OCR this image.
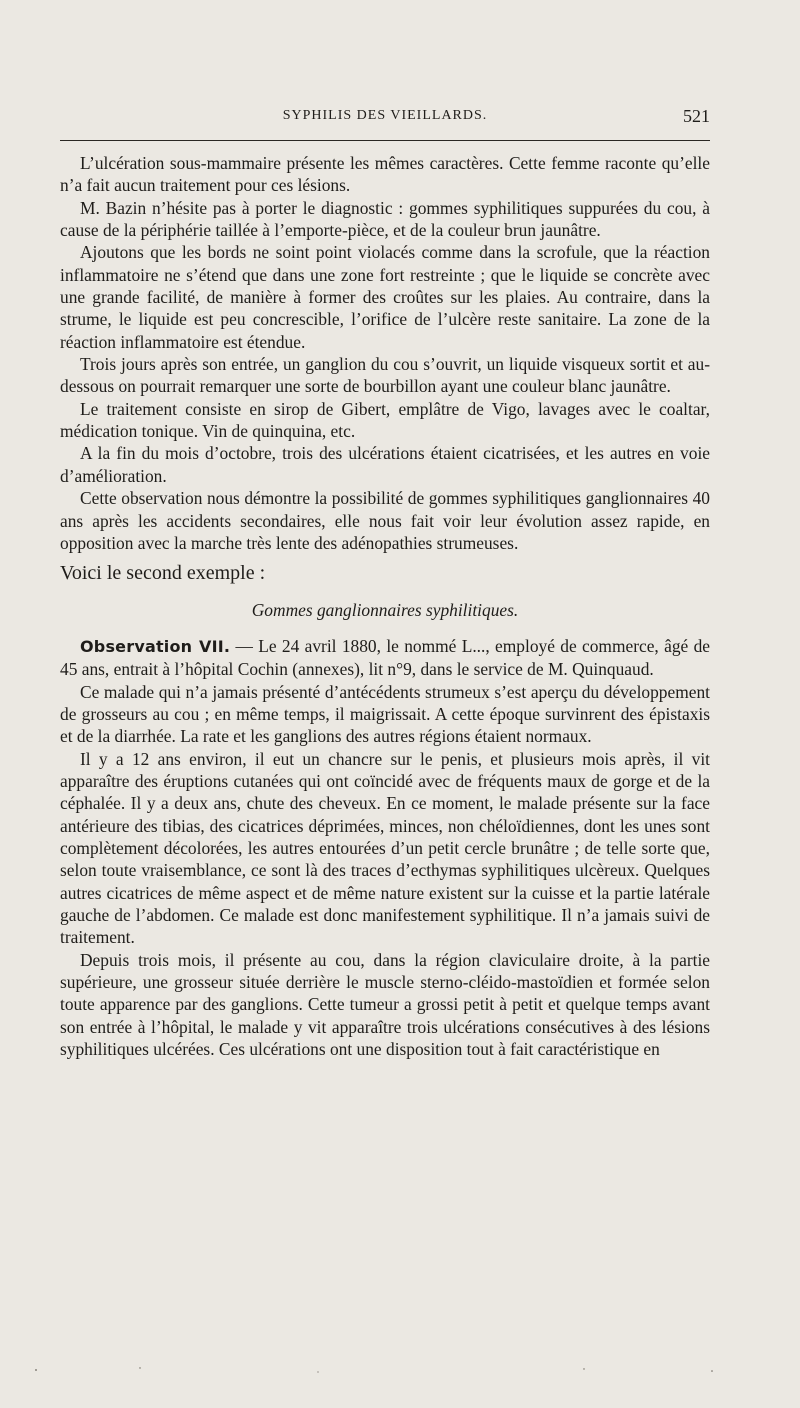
SYPHILIS DES VIEILLARDS.	521

L’ulcération sous-mammaire présente les mêmes caractères. Cette femme raconte qu’elle n’a fait aucun traitement pour ces lésions.

M. Bazin n’hésite pas à porter le diagnostic : gommes syphilitiques suppurées du cou, à cause de la périphérie taillée à l’emporte-pièce, et de la couleur brun jaunâtre.

Ajoutons que les bords ne soint point violacés comme dans la scrofule, que la réaction inflammatoire ne s’étend que dans une zone fort restreinte ; que le liquide se concrète avec une grande facilité, de manière à former des croûtes sur les plaies. Au contraire, dans la strume, le liquide est peu concrescible, l’orifice de l’ulcère reste sanitaire. La zone de la réaction inflammatoire est étendue.

Trois jours après son entrée, un ganglion du cou s’ouvrit, un liquide visqueux sortit et au-dessous on pourrait remarquer une sorte de bourbillon ayant une couleur blanc jaunâtre.

Le traitement consiste en sirop de Gibert, emplâtre de Vigo, lavages avec le coaltar, médication tonique. Vin de quinquina, etc.

A la fin du mois d’octobre, trois des ulcérations étaient cicatrisées, et les autres en voie d’amélioration.

Cette observation nous démontre la possibilité de gommes syphilitiques ganglionnaires 40 ans après les accidents secondaires, elle nous fait voir leur évolution assez rapide, en opposition avec la marche très lente des adénopathies strumeuses.

Voici le second exemple :

Gommes ganglionnaires syphilitiques.

Observation VII. — Le 24 avril 1880, le nommé L..., employé de commerce, âgé de 45 ans, entrait à l’hôpital Cochin (annexes), lit n°9, dans le service de M. Quinquaud.

Ce malade qui n’a jamais présenté d’antécédents strumeux s’est aperçu du développement de grosseurs au cou ; en même temps, il maigrissait. A cette époque survinrent des épistaxis et de la diarrhée. La rate et les ganglions des autres régions étaient normaux.

Il y a 12 ans environ, il eut un chancre sur le penis, et plusieurs mois après, il vit apparaître des éruptions cutanées qui ont coïncidé avec de fréquents maux de gorge et de la céphalée. Il y a deux ans, chute des cheveux. En ce moment, le malade présente sur la face antérieure des tibias, des cicatrices déprimées, minces, non chéloïdiennes, dont les unes sont complètement décolorées, les autres entourées d’un petit cercle brunâtre ; de telle sorte que, selon toute vraisemblance, ce sont là des traces d’ecthymas syphilitiques ulcèreux. Quelques autres cicatrices de même aspect et de même nature existent sur la cuisse et la partie latérale gauche de l’abdomen. Ce malade est donc manifestement syphilitique. Il n’a jamais suivi de traitement.

Depuis trois mois, il présente au cou, dans la région claviculaire droite, à la partie supérieure, une grosseur située derrière le muscle sterno-cléido-mastoïdien et formée selon toute apparence par des ganglions. Cette tumeur a grossi petit à petit et quelque temps avant son entrée à l’hôpital, le malade y vit apparaître trois ulcérations consécutives à des lésions syphilitiques ulcérées. Ces ulcérations ont une disposition tout à fait caractéristique en
